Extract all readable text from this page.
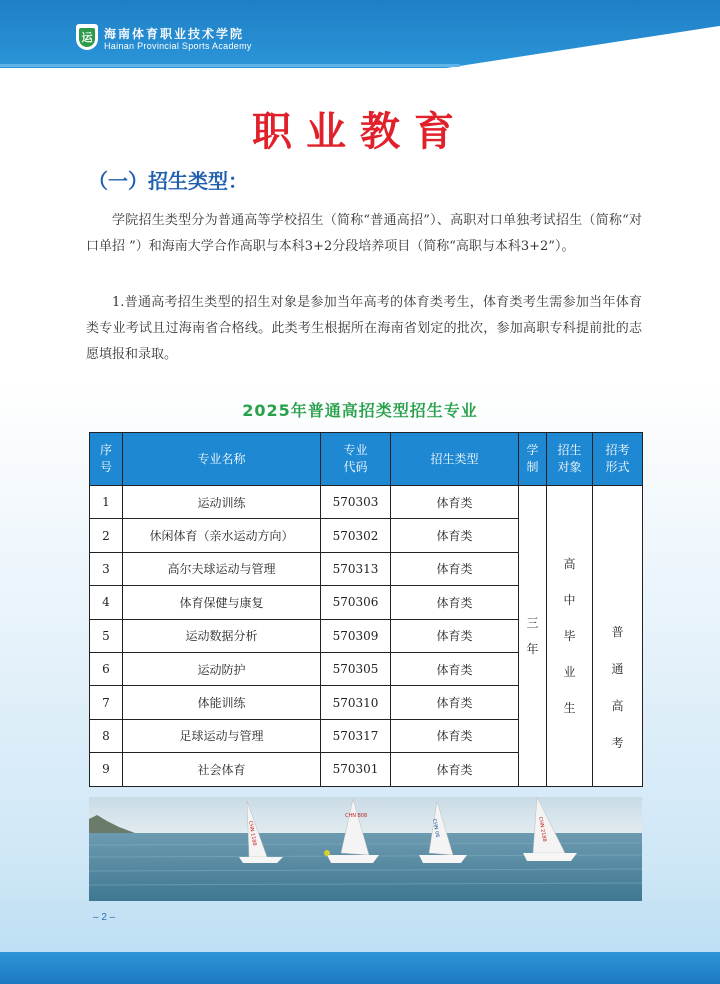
运 海南体育职业技术学院
Hainan Provincial Sports Academy
职业教育
（一）招生类型：

学院招生类型分为普通高等学校招生（简称“普通高招”）、高职对口单独考试招生（简称“对口单招 ”）和海南大学合作高职与本科3+2分段培养项目（简称“高职与本科3+2”）。

1.普通高考招生类型的招生对象是参加当年高考的体育类考生，体育类考生需参加当年体育类专业考试且过海南省合格线。此类考生根据所在海南省划定的批次，参加高职专科提前批的志愿填报和录取。

2025年普通高招类型招生专业
序号	专业名称	专业代码	招生类型	学制	招生对象	招考形式
1	运动训练	570303	体育类	三年	高中毕业生	普通高考
2	休闲体育（亲水运动方向）	570302	体育类			
3	高尔夫球运动与管理	570313	体育类			
4	体育保健与康复	570306	体育类			
5	运动数据分析	570309	体育类			
6	运动防护	570305	体育类			
7	体能训练	570310	体育类			
8	足球运动与管理	570317	体育类			
9	社会体育	570301	体育类			
CHN 1188
CHN 808
CHN 06	CHN 2188
– 2 –
